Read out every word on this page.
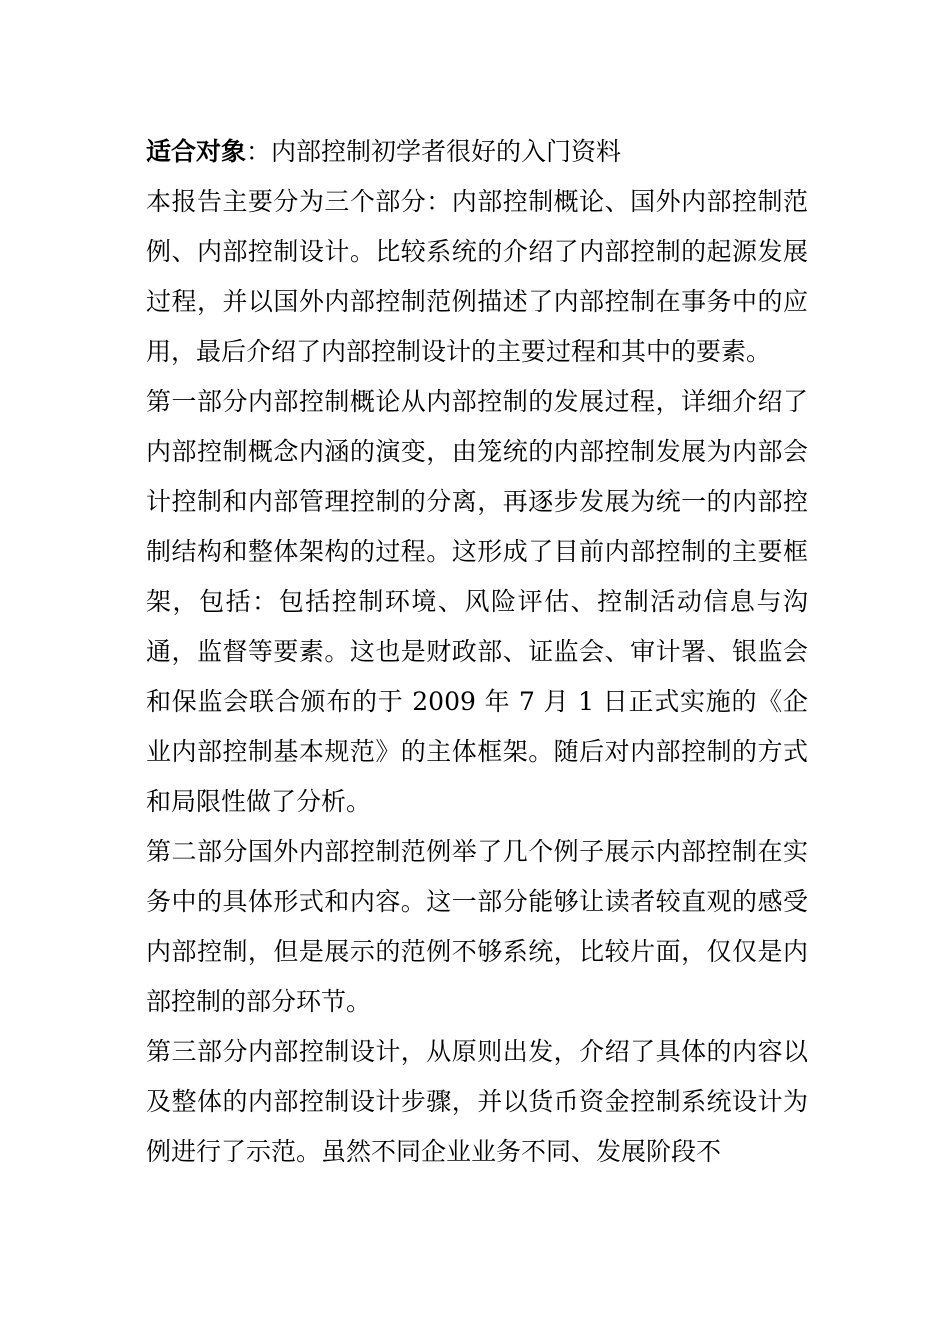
适合对象：内部控制初学者很好的入门资料

本报告主要分为三个部分：内部控制概论、国外内部控制范例、内部控制设计。比较系统的介绍了内部控制的起源发展过程，并以国外内部控制范例描述了内部控制在事务中的应用，最后介绍了内部控制设计的主要过程和其中的要素。

第一部分内部控制概论从内部控制的发展过程，详细介绍了内部控制概念内涵的演变，由笼统的内部控制发展为内部会计控制和内部管理控制的分离，再逐步发展为统一的内部控制结构和整体架构的过程。这形成了目前内部控制的主要框架，包括：包括控制环境、风险评估、控制活动信息与沟通，监督等要素。这也是财政部、证监会、审计署、银监会和保监会联合颁布的于 2009 年 7 月 1 日正式实施的《企业内部控制基本规范》的主体框架。随后对内部控制的方式和局限性做了分析。

第二部分国外内部控制范例举了几个例子展示内部控制在实务中的具体形式和内容。这一部分能够让读者较直观的感受内部控制，但是展示的范例不够系统，比较片面，仅仅是内部控制的部分环节。

第三部分内部控制设计，从原则出发，介绍了具体的内容以及整体的内部控制设计步骤，并以货币资金控制系统设计为例进行了示范。虽然不同企业业务不同、发展阶段不
